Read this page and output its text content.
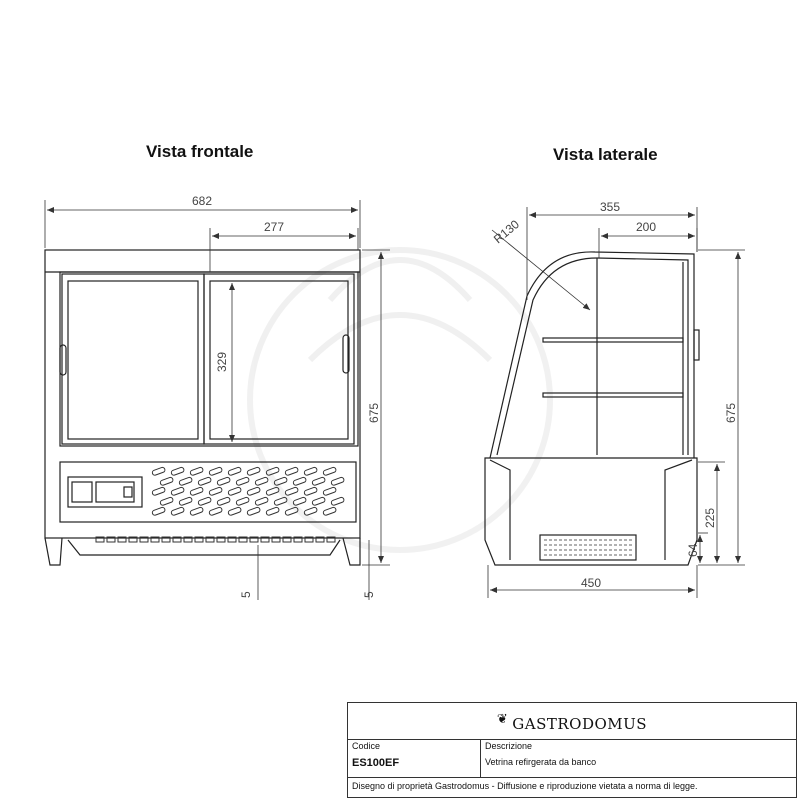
Vista frontale	Vista laterale
682
277
329
675
5	5
355
200
R130
675
225
64
450
❦ GASTRODOMUS
Codice
ES100EF
Descrizione
Vetrina refirgerata da banco
Disegno di proprietà Gastrodomus - Diffusione e riproduzione vietata a norma di legge.
